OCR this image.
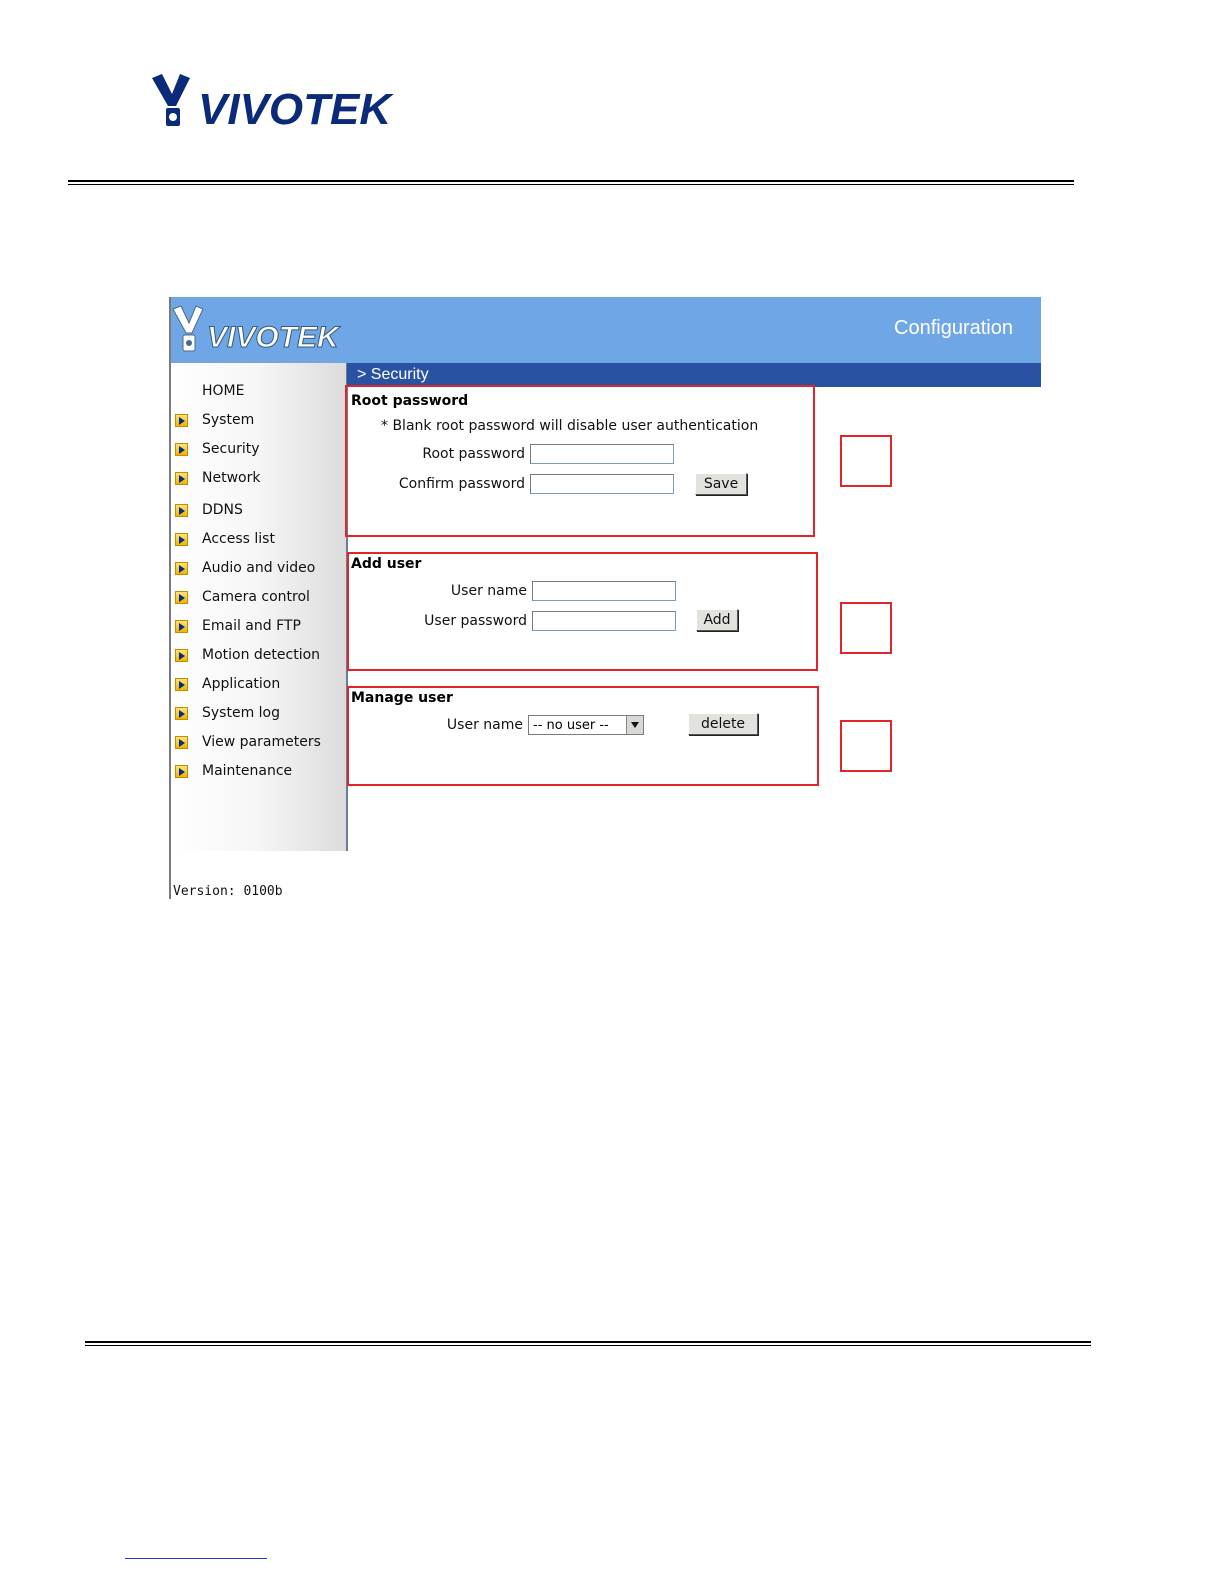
VIVOTEK
VIVOTEK	Configuration
HOME
System
Security
Network
DDNS
Access list
Audio and video
Camera control
Email and FTP
Motion detection
Application
System log
View parameters
Maintenance
Version: 0100b
> Security
Root password
* Blank root password will disable user authentication
Root password
Confirm password	Save
Add user
User name
User password	Add
Manage user
User name -- no user --	delete
